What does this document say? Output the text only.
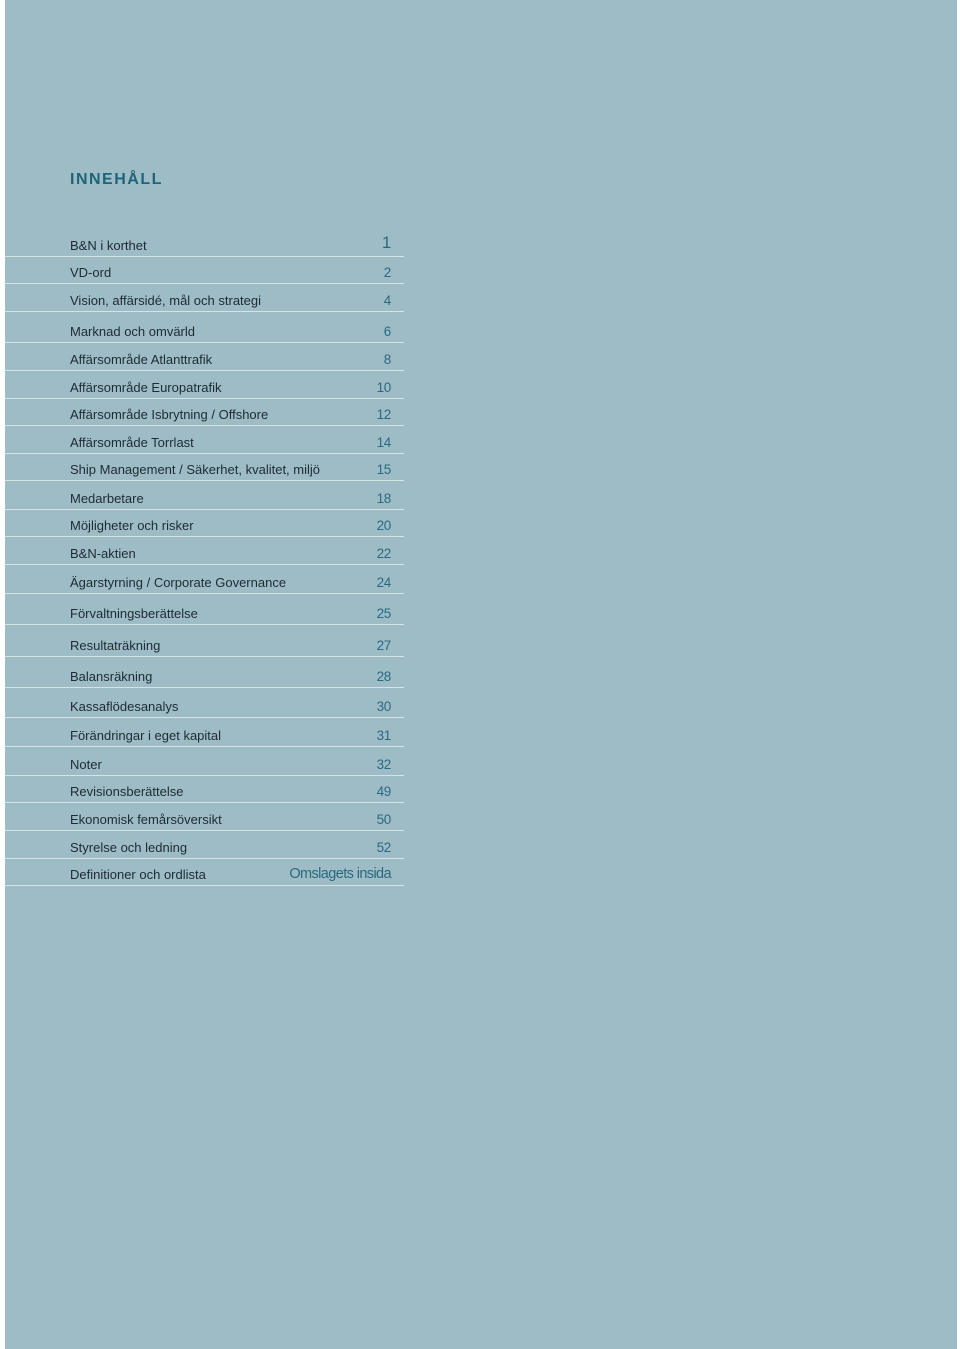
INNEHÅLL
B&N i korthet	1
VD-ord	2
Vision, affärsidé, mål och strategi	4
Marknad och omvärld	6
Affärsområde Atlanttrafik	8
Affärsområde Europatrafik	10
Affärsområde Isbrytning / Offshore	12
Affärsområde Torrlast	14
Ship Management / Säkerhet, kvalitet, miljö	15
Medarbetare	18
Möjligheter och risker	20
B&N-aktien	22
Ägarstyrning / Corporate Governance	24
Förvaltningsberättelse	25
Resultaträkning	27
Balansräkning	28
Kassaflödesanalys	30
Förändringar i eget kapital	31
Noter	32
Revisionsberättelse	49
Ekonomisk femårsöversikt	50
Styrelse och ledning	52
Definitioner och ordlista	Omslagets insida
